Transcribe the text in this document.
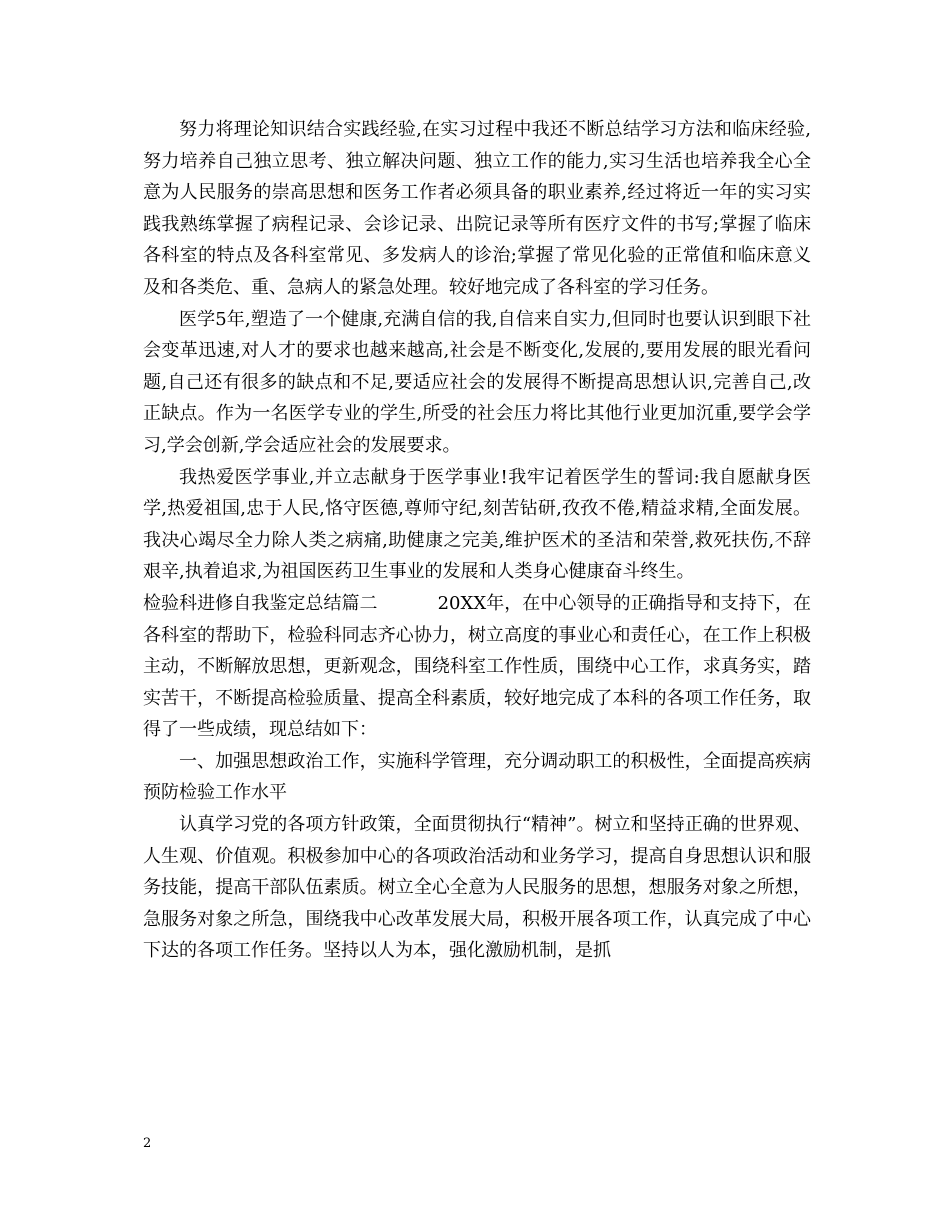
努力将理论知识结合实践经验,在实习过程中我还不断总结学习方法和临床经验,努力培养自己独立思考、独立解决问题、独立工作的能力,实习生活也培养我全心全意为人民服务的崇高思想和医务工作者必须具备的职业素养,经过将近一年的实习实践我熟练掌握了病程记录、会诊记录、出院记录等所有医疗文件的书写;掌握了临床各科室的特点及各科室常见、多发病人的诊治;掌握了常见化验的正常值和临床意义及和各类危、重、急病人的紧急处理。较好地完成了各科室的学习任务。

医学5年,塑造了一个健康,充满自信的我,自信来自实力,但同时也要认识到眼下社会变革迅速,对人才的要求也越来越高,社会是不断变化,发展的,要用发展的眼光看问题,自己还有很多的缺点和不足,要适应社会的发展得不断提高思想认识,完善自己,改正缺点。作为一名医学专业的学生,所受的社会压力将比其他行业更加沉重,要学会学习,学会创新,学会适应社会的发展要求。

我热爱医学事业,并立志献身于医学事业!我牢记着医学生的誓词:我自愿献身医学,热爱祖国,忠于人民,恪守医德,尊师守纪,刻苦钻研,孜孜不倦,精益求精,全面发展。我决心竭尽全力除人类之病痛,助健康之完美,维护医术的圣洁和荣誉,救死扶伤,不辞艰辛,执着追求,为祖国医药卫生事业的发展和人类身心健康奋斗终生。

检验科进修自我鉴定总结篇二	20XX年，在中心领导的正确指导和支持下，在各科室的帮助下，检验科同志齐心协力，树立高度的事业心和责任心，在工作上积极主动，不断解放思想，更新观念，围绕科室工作性质，围绕中心工作，求真务实，踏实苦干，不断提高检验质量、提高全科素质，较好地完成了本科的各项工作任务，取得了一些成绩，现总结如下：

一、加强思想政治工作，实施科学管理，充分调动职工的积极性，全面提高疾病预防检验工作水平

认真学习党的各项方针政策，全面贯彻执行“精神”。树立和坚持正确的世界观、人生观、价值观。积极参加中心的各项政治活动和业务学习，提高自身思想认识和服务技能，提高干部队伍素质。树立全心全意为人民服务的思想，想服务对象之所想，急服务对象之所急，围绕我中心改革发展大局，积极开展各项工作，认真完成了中心下达的各项工作任务。坚持以人为本，强化激励机制，是抓

2
